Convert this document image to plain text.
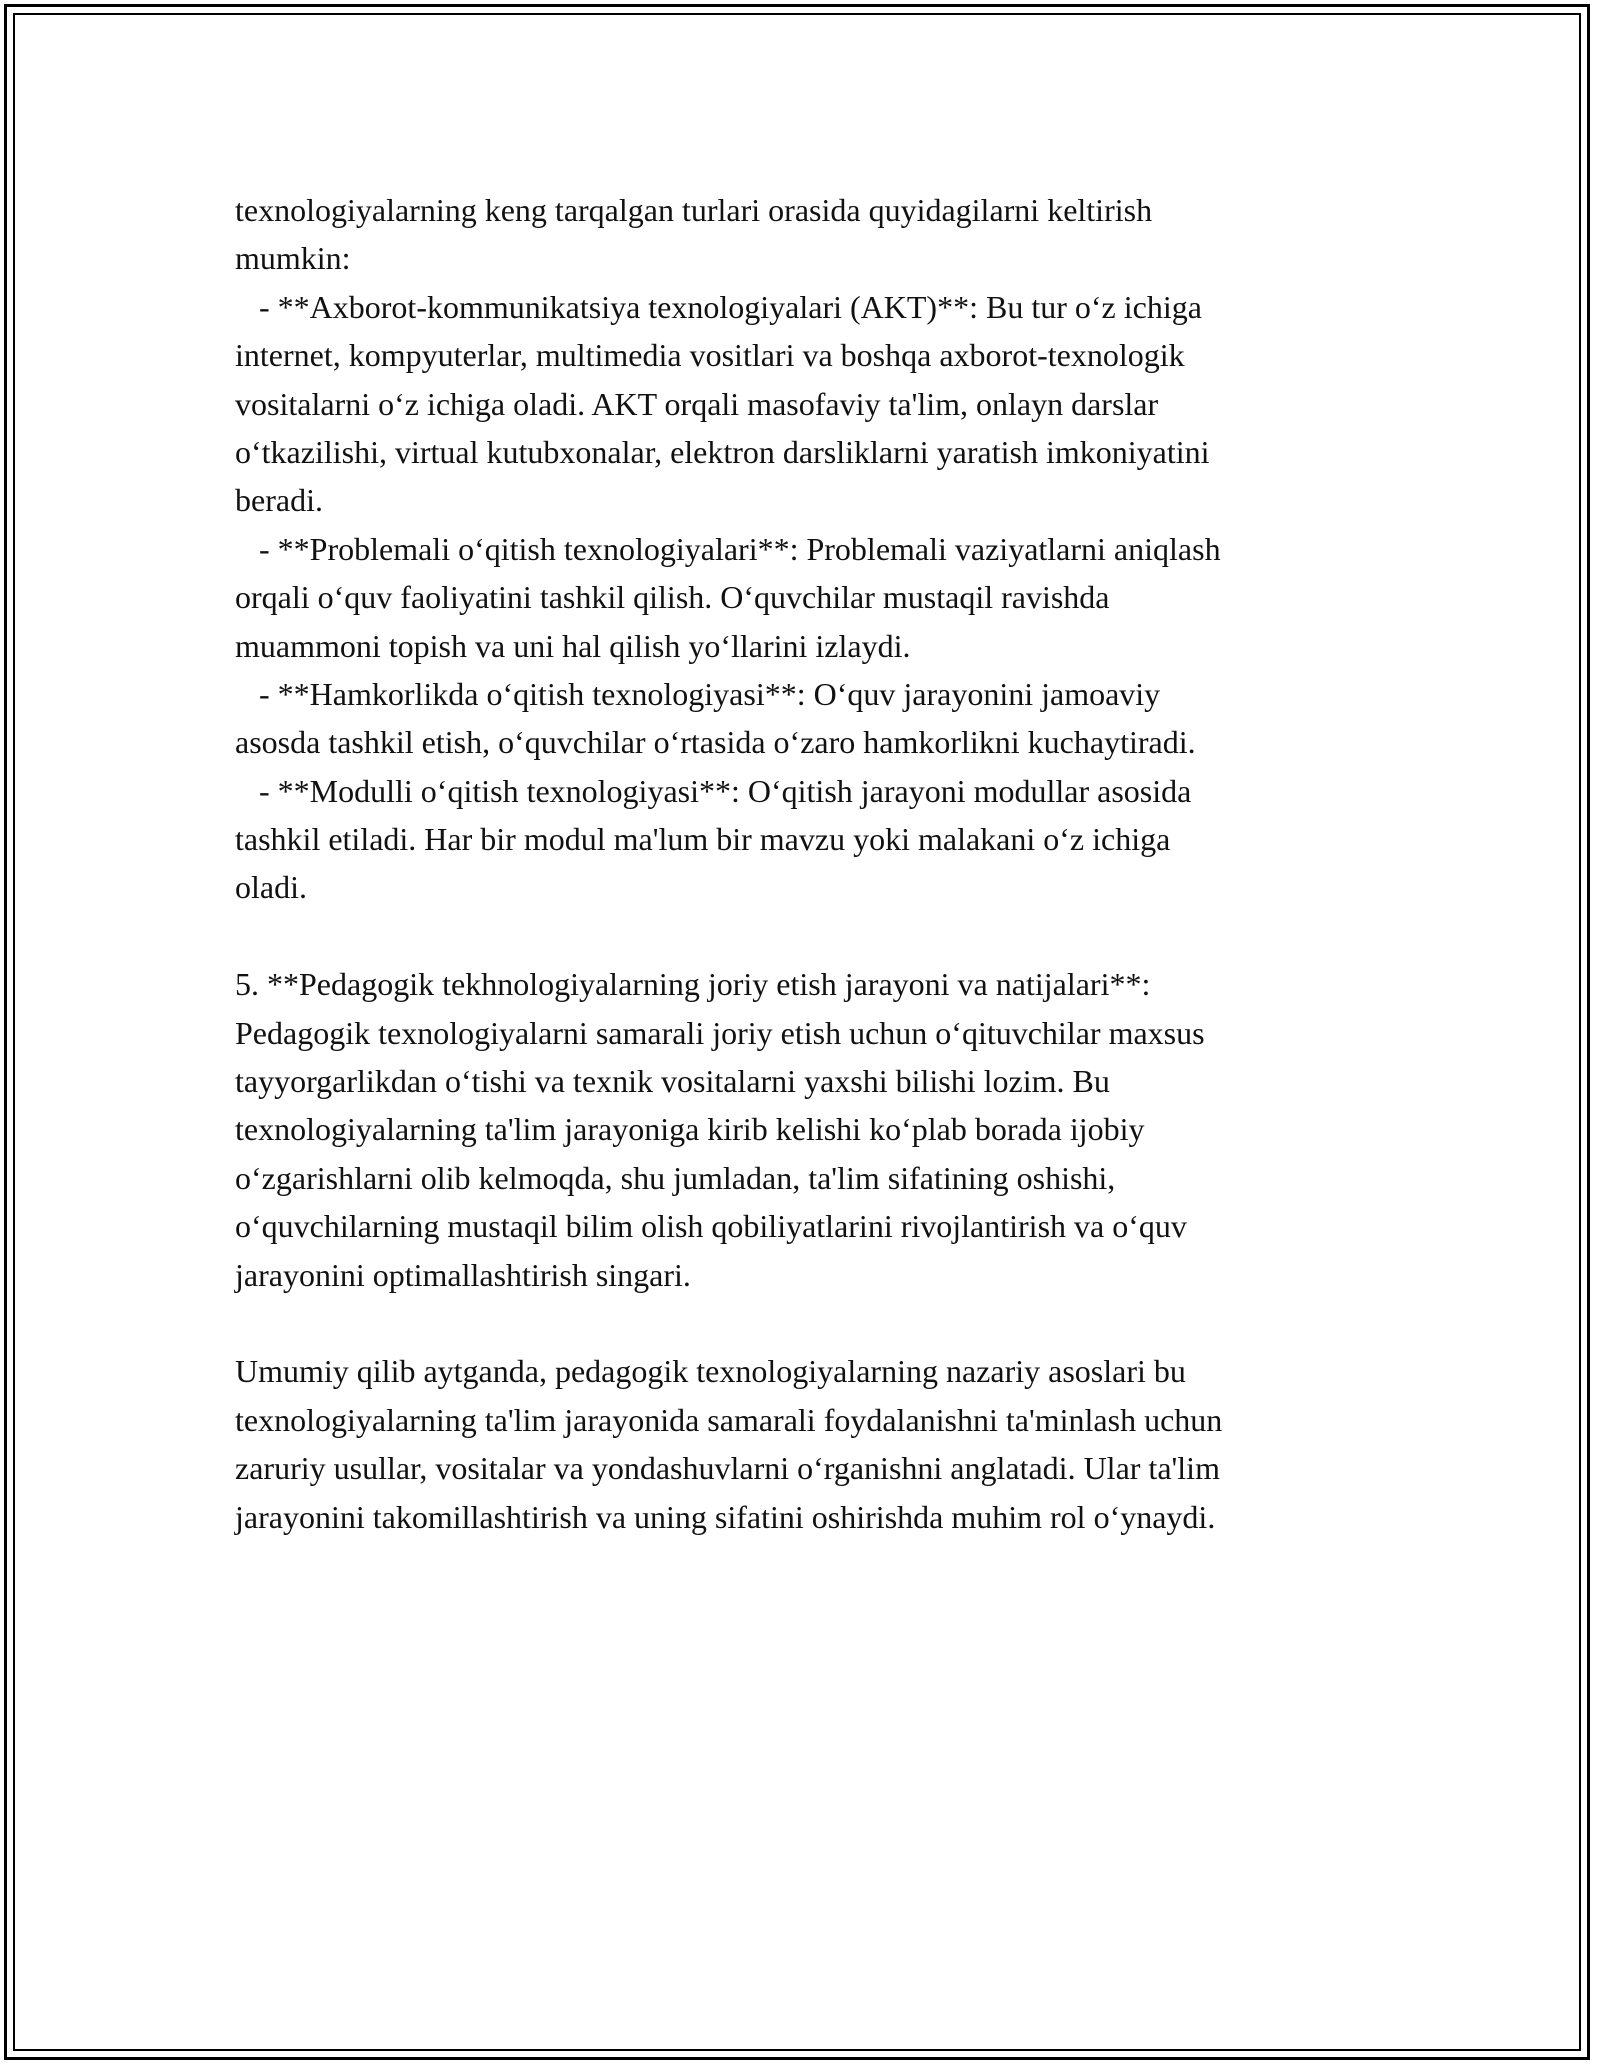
texnologiyalarning keng tarqalgan turlari orasida quyidagilarni keltirish
mumkin:
- **Axborot-kommunikatsiya texnologiyalari (AKT)**: Bu tur o‘z ichiga
internet, kompyuterlar, multimedia vositlari va boshqa axborot-texnologik
vositalarni o‘z ichiga oladi. AKT orqali masofaviy ta'lim, onlayn darslar
o‘tkazilishi, virtual kutubxonalar, elektron darsliklarni yaratish imkoniyatini
beradi.
- **Problemali o‘qitish texnologiyalari**: Problemali vaziyatlarni aniqlash
orqali o‘quv faoliyatini tashkil qilish. O‘quvchilar mustaqil ravishda
muammoni topish va uni hal qilish yo‘llarini izlaydi.
- **Hamkorlikda o‘qitish texnologiyasi**: O‘quv jarayonini jamoaviy
asosda tashkil etish, o‘quvchilar o‘rtasida o‘zaro hamkorlikni kuchaytiradi.
- **Modulli o‘qitish texnologiyasi**: O‘qitish jarayoni modullar asosida
tashkil etiladi. Har bir modul ma'lum bir mavzu yoki malakani o‘z ichiga
oladi.
5. **Pedagogik tekhnologiyalarning joriy etish jarayoni va natijalari**:
Pedagogik texnologiyalarni samarali joriy etish uchun o‘qituvchilar maxsus
tayyorgarlikdan o‘tishi va texnik vositalarni yaxshi bilishi lozim. Bu
texnologiyalarning ta'lim jarayoniga kirib kelishi ko‘plab borada ijobiy
o‘zgarishlarni olib kelmoqda, shu jumladan, ta'lim sifatining oshishi,
o‘quvchilarning mustaqil bilim olish qobiliyatlarini rivojlantirish va o‘quv
jarayonini optimallashtirish singari.
Umumiy qilib aytganda, pedagogik texnologiyalarning nazariy asoslari bu
texnologiyalarning ta'lim jarayonida samarali foydalanishni ta'minlash uchun
zaruriy usullar, vositalar va yondashuvlarni o‘rganishni anglatadi. Ular ta'lim
jarayonini takomillashtirish va uning sifatini oshirishda muhim rol o‘ynaydi.
